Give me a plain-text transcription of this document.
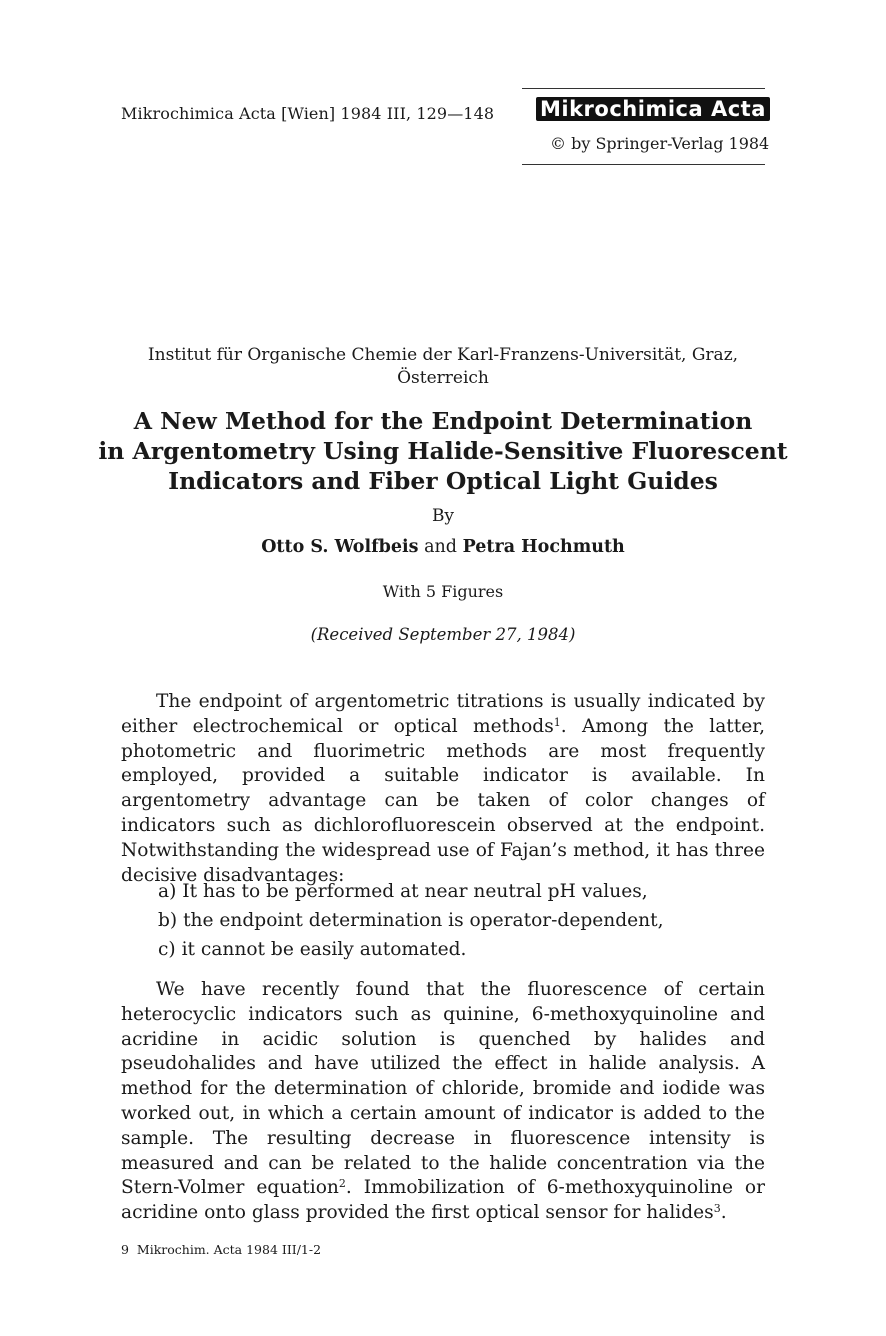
Mikrochimica Acta [Wien] 1984 III, 129—148 Mikrochimica Acta
© by Springer-Verlag 1984
Institut für Organische Chemie der Karl-Franzens-Universität, Graz,
Österreich
A New Method for the Endpoint Determination
in Argentometry Using Halide-Sensitive Fluorescent
Indicators and Fiber Optical Light Guides
By
Otto S. Wolfbeis and Petra Hochmuth
With 5 Figures
(Received September 27, 1984)

The endpoint of argentometric titrations is usually indicated by either electrochemical or optical methods$^1$. Among the latter, photometric and fluorimetric methods are most frequently employed, provided a suitable indicator is available. In argentometry advantage can be taken of color changes of indicators such as dichlorofluorescein observed at the endpoint. Notwithstanding the widespread use of Fajan’s method, it has three decisive disadvantages:

a) It has to be performed at near neutral pH values,
b) the endpoint determination is operator-dependent,
c) it cannot be easily automated.

We have recently found that the fluorescence of certain heterocyclic indicators such as quinine, 6-methoxyquinoline and acridine in acidic solution is quenched by halides and pseudohalides and have utilized the effect in halide analysis. A method for the determination of chloride, bromide and iodide was worked out, in which a certain amount of indicator is added to the sample. The resulting decrease in fluorescence intensity is measured and can be related to the halide concentration via the Stern-Volmer equation$^2$. Immobilization of 6-methoxyquinoline or acridine onto glass provided the first optical sensor for halides$^3$.

9 Mikrochim. Acta 1984 III/1-2
